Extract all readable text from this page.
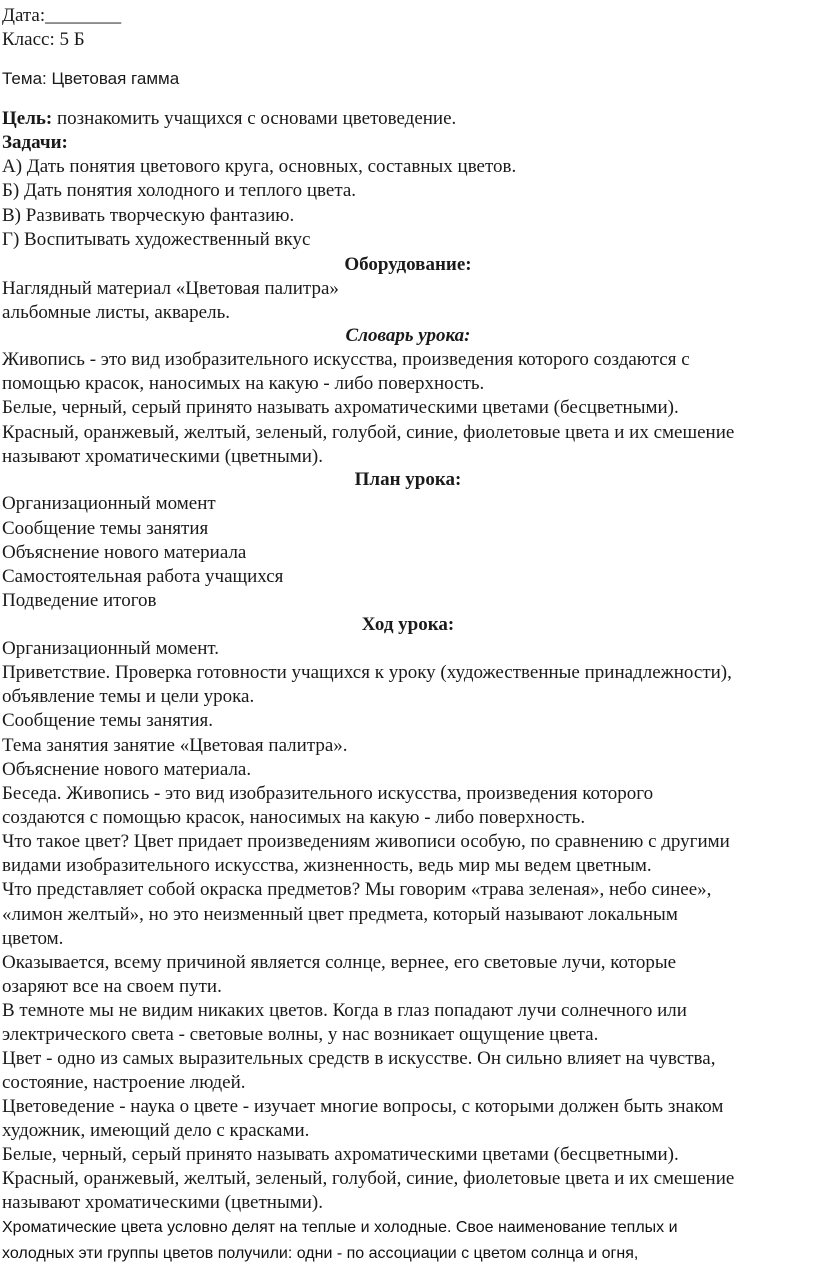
Дата:________
Класс: 5 Б
Тема: Цветовая гамма
Цель: познакомить учащихся с основами цветоведение.
Задачи:
А) Дать понятия цветового круга, основных, составных цветов.
Б) Дать понятия холодного и теплого цвета.
В) Развивать творческую фантазию.
Г) Воспитывать художественный вкус
Оборудование:
Наглядный материал «Цветовая палитра»
альбомные листы, акварель.
Словарь урока:
Живопись - это вид изобразительного искусства, произведения которого создаются с
помощью красок, наносимых на какую - либо поверхность.
Белые, черный, серый принято называть ахроматическими цветами (бесцветными).
Красный, оранжевый, желтый, зеленый, голубой, синие, фиолетовые цвета и их смешение
называют хроматическими (цветными).
План урока:
Организационный момент
Сообщение темы занятия
Объяснение нового материала
Самостоятельная работа учащихся
Подведение итогов
Ход урока:
Организационный момент.
Приветствие. Проверка готовности учащихся к уроку (художественные принадлежности),
объявление темы и цели урока.
Сообщение темы занятия.
Тема занятия занятие «Цветовая палитра».
Объяснение нового материала.
Беседа. Живопись - это вид изобразительного искусства, произведения которого
создаются с помощью красок, наносимых на какую - либо поверхность.
Что такое цвет? Цвет придает произведениям живописи особую, по сравнению с другими
видами изобразительного искусства, жизненность, ведь мир мы ведем цветным.
Что представляет собой окраска предметов? Мы говорим «трава зеленая», небо синее»,
«лимон желтый», но это неизменный цвет предмета, который называют локальным
цветом.
Оказывается, всему причиной является солнце, вернее, его световые лучи, которые
озаряют все на своем пути.
В темноте мы не видим никаких цветов. Когда в глаз попадают лучи солнечного или
электрического света - световые волны, у нас возникает ощущение цвета.
Цвет - одно из самых выразительных средств в искусстве. Он сильно влияет на чувства,
состояние, настроение людей.
Цветоведение - наука о цвете - изучает многие вопросы, с которыми должен быть знаком
художник, имеющий дело с красками.
Белые, черный, серый принято называть ахроматическими цветами (бесцветными).
Красный, оранжевый, желтый, зеленый, голубой, синие, фиолетовые цвета и их смешение
называют хроматическими (цветными).
Хроматические цвета условно делят на теплые и холодные. Свое наименование теплых и
холодных эти группы цветов получили: одни - по ассоциации с цветом солнца и огня,
